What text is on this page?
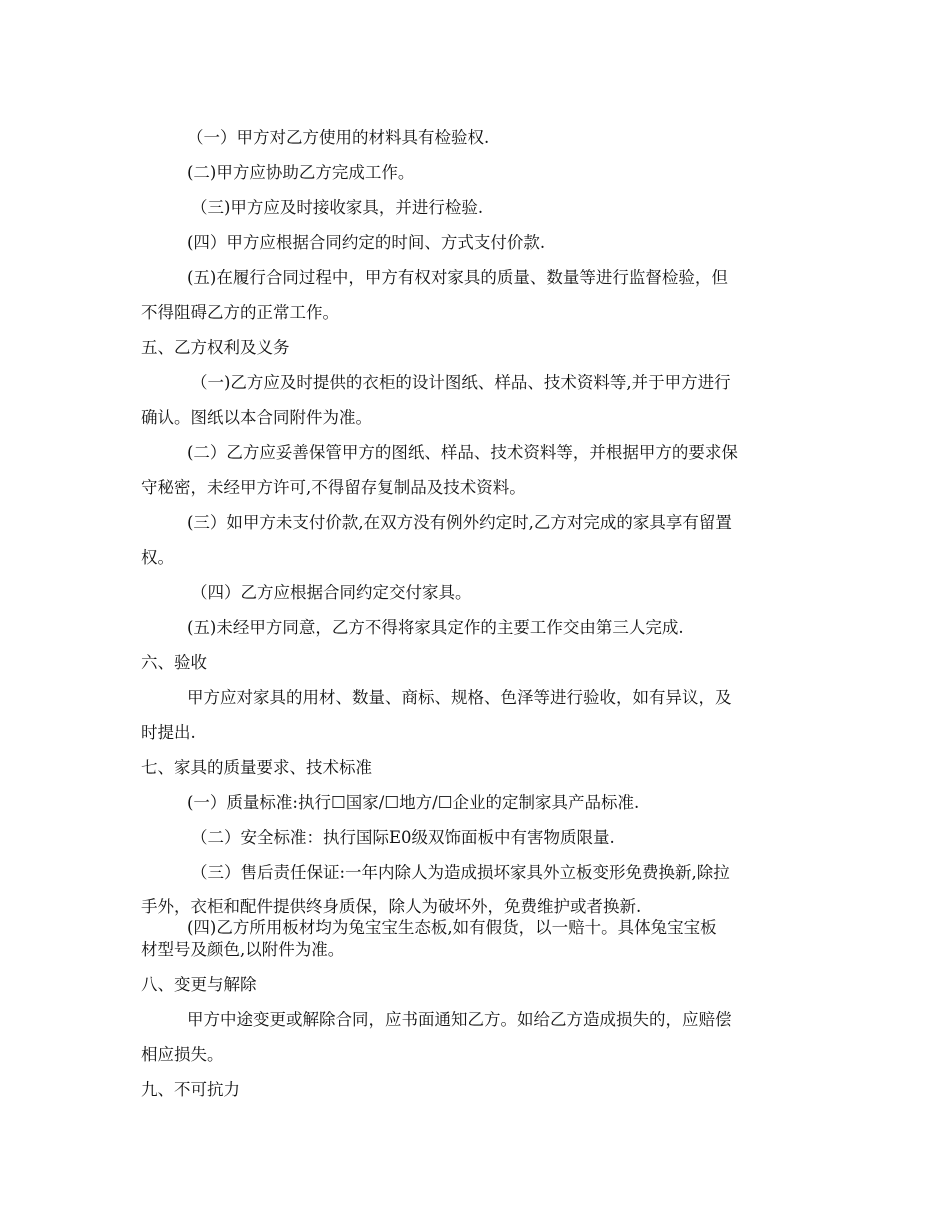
（一）甲方对乙方使用的材料具有检验权.
(二)甲方应协助乙方完成工作。
（三)甲方应及时接收家具，并进行检验.
(四）甲方应根据合同约定的时间、方式支付价款.
(五)在履行合同过程中，甲方有权对家具的质量、数量等进行监督检验，但
不得阻碍乙方的正常工作。
五、乙方权利及义务
（一)乙方应及时提供的衣柜的设计图纸、样品、技术资料等,并于甲方进行
确认。图纸以本合同附件为准。
(二）乙方应妥善保管甲方的图纸、样品、技术资料等，并根据甲方的要求保
守秘密，未经甲方许可,不得留存复制品及技术资料。
(三）如甲方未支付价款,在双方没有例外约定时,乙方对完成的家具享有留置
权。
（四）乙方应根据合同约定交付家具。
(五)未经甲方同意，乙方不得将家具定作的主要工作交由第三人完成.
六、验收
甲方应对家具的用材、数量、商标、规格、色泽等进行验收，如有异议，及
时提出.
七、家具的质量要求、技术标准
(一）质量标准:执行☐国家/☐地方/☐企业的定制家具产品标准.
（二）安全标准：执行国际E0级双饰面板中有害物质限量.
（三）售后责任保证:一年内除人为造成损坏家具外立板变形免费换新,除拉
手外，衣柜和配件提供终身质保，除人为破坏外，免费维护或者换新.
(四)乙方所用板材均为兔宝宝生态板,如有假货，以一赔十。具体兔宝宝板
材型号及颜色,以附件为准。
八、变更与解除
甲方中途变更或解除合同，应书面通知乙方。如给乙方造成损失的，应赔偿
相应损失。
九、不可抗力
